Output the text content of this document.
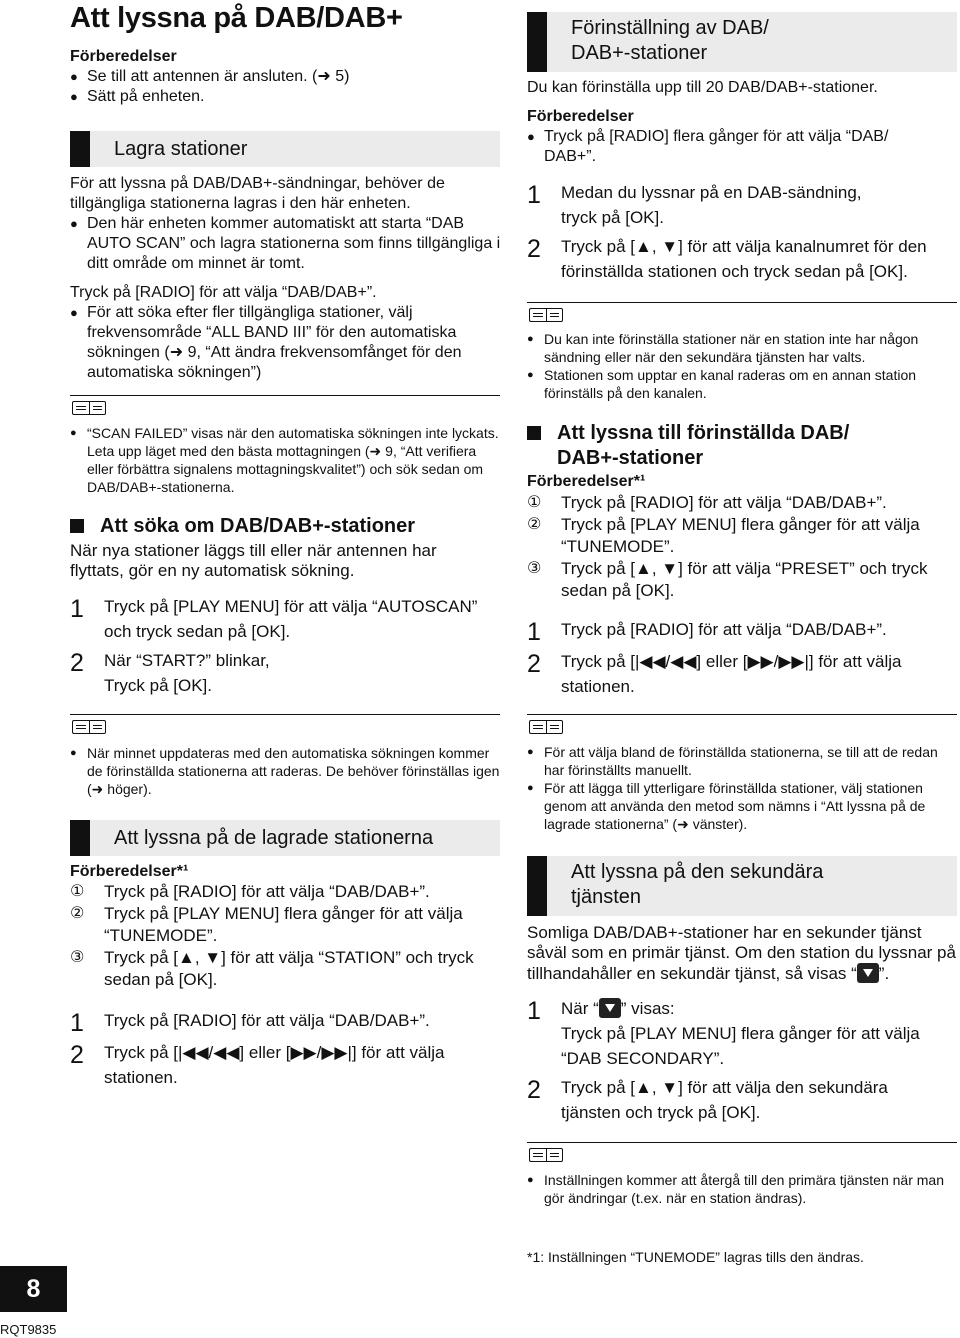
Att lyssna på DAB/DAB+
Förberedelser
● Se till att antennen är ansluten. (➜ 5)
● Sätt på enheten.
Lagra stationer
För att lyssna på DAB/DAB+-sändningar, behöver de tillgängliga stationerna lagras i den här enheten.
● Den här enheten kommer automatiskt att starta “DAB AUTO SCAN” och lagra stationerna som finns tillgängliga i ditt område om minnet är tomt.
Tryck på [RADIO] för att välja “DAB/DAB+”.
● För att söka efter fler tillgängliga stationer, välj frekvensområde “ALL BAND III” för den automatiska sökningen (➜ 9, “Att ändra frekvensomfånget för den automatiska sökningen”)
● “SCAN FAILED” visas när den automatiska sökningen inte lyckats. Leta upp läget med den bästa mottagningen (➜ 9, “Att verifiera eller förbättra signalens mottagningskvalitet”) och sök sedan om DAB/DAB+-stationerna.
Att söka om DAB/DAB+-stationer
När nya stationer läggs till eller när antennen har flyttats, gör en ny automatisk sökning.
1	Tryck på [PLAY MENU] för att välja “AUTOSCAN” och tryck sedan på [OK].
2	När “START?” blinkar, Tryck på [OK].
● När minnet uppdateras med den automatiska sökningen kommer de förinställda stationerna att raderas. De behöver förinställas igen (➜ höger).
Att lyssna på de lagrade stationerna
Förberedelser*¹
①	Tryck på [RADIO] för att välja “DAB/DAB+”.
②	Tryck på [PLAY MENU] flera gånger för att välja “TUNEMODE”.
③	Tryck på [▲, ▼] för att välja “STATION” och tryck sedan på [OK].
1	Tryck på [RADIO] för att välja “DAB/DAB+”.
2	Tryck på [|◀◀/◀◀] eller [▶▶/▶▶|] för att välja stationen.
Förinställning av DAB/ DAB+-stationer
Du kan förinställa upp till 20 DAB/DAB+-stationer.
Förberedelser
● Tryck på [RADIO] flera gånger för att välja “DAB/ DAB+”.
1	Medan du lyssnar på en DAB-sändning, tryck på [OK].
2	Tryck på [▲, ▼] för att välja kanalnumret för den förinställda stationen och tryck sedan på [OK].
● Du kan inte förinställa stationer när en station inte har någon sändning eller när den sekundära tjänsten har valts.
● Stationen som upptar en kanal raderas om en annan station förinställs på den kanalen.
Att lyssna till förinställda DAB/ DAB+-stationer
Förberedelser*¹
①	Tryck på [RADIO] för att välja “DAB/DAB+”.
②	Tryck på [PLAY MENU] flera gånger för att välja “TUNEMODE”.
③	Tryck på [▲, ▼] för att välja “PRESET” och tryck sedan på [OK].
1	Tryck på [RADIO] för att välja “DAB/DAB+”.
2	Tryck på [|◀◀/◀◀] eller [▶▶/▶▶|] för att välja stationen.
● För att välja bland de förinställda stationerna, se till att de redan har förinställts manuellt.
● För att lägga till ytterligare förinställda stationer, välj stationen genom att använda den metod som nämns i “Att lyssna på de lagrade stationerna” (➜ vänster).
Att lyssna på den sekundära tjänsten
Somliga DAB/DAB+-stationer har en sekunder tjänst såväl som en primär tjänst. Om den station du lyssnar på tillhandahåller en sekundär tjänst, så visas “ ”.
1	När “ ” visas:
Tryck på [PLAY MENU] flera gånger för att välja “DAB SECONDARY”.
2	Tryck på [▲, ▼] för att välja den sekundära tjänsten och tryck på [OK].
● Inställningen kommer att återgå till den primära tjänsten när man gör ändringar (t.ex. när en station ändras).
*1: Inställningen “TUNEMODE” lagras tills den ändras.
8
RQT9835
